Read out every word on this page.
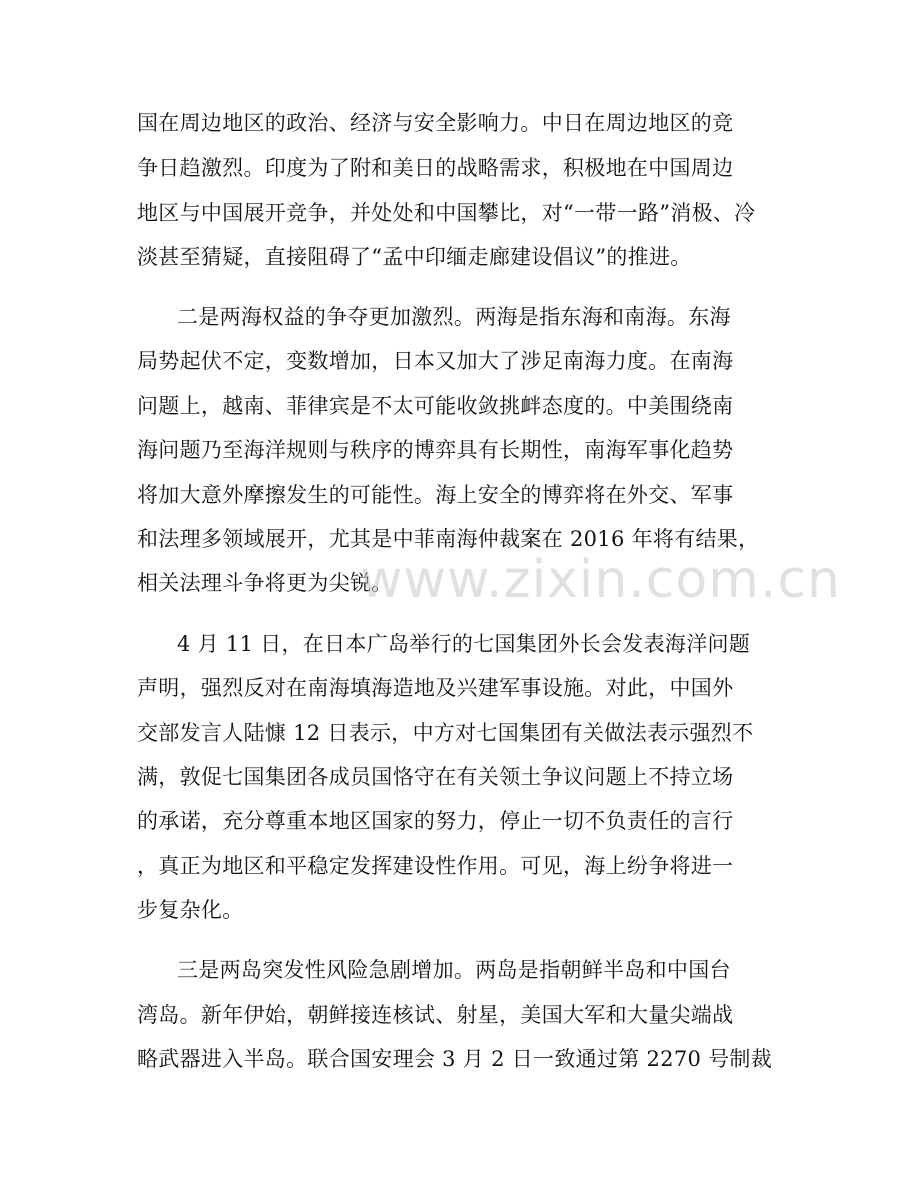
国在周边地区的政治、经济与安全影响力。中日在周边地区的竞
争日趋激烈。印度为了附和美日的战略需求，积极地在中国周边
地区与中国展开竞争，并处处和中国攀比，对“一带一路”消极、冷
淡甚至猜疑，直接阻碍了“孟中印缅走廊建设倡议”的推进。
二是两海权益的争夺更加激烈。两海是指东海和南海。东海
局势起伏不定，变数增加，日本又加大了涉足南海力度。在南海
问题上，越南、菲律宾是不太可能收敛挑衅态度的。中美围绕南
海问题乃至海洋规则与秩序的博弈具有长期性，南海军事化趋势
将加大意外摩擦发生的可能性。海上安全的博弈将在外交、军事
和法理多领域展开，尤其是中菲南海仲裁案在 2016 年将有结果，
相关法理斗争将更为尖锐。
4 月 11 日，在日本广岛举行的七国集团外长会发表海洋问题
声明，强烈反对在南海填海造地及兴建军事设施。对此，中国外
交部发言人陆慷 12 日表示，中方对七国集团有关做法表示强烈不
满，敦促七国集团各成员国恪守在有关领土争议问题上不持立场
的承诺，充分尊重本地区国家的努力，停止一切不负责任的言行
，真正为地区和平稳定发挥建设性作用。可见，海上纷争将进一
步复杂化。
三是两岛突发性风险急剧增加。两岛是指朝鲜半岛和中国台
湾岛。新年伊始，朝鲜接连核试、射星，美国大军和大量尖端战
略武器进入半岛。联合国安理会 3 月 2 日一致通过第 2270 号制裁
www.zixin.com.cn
